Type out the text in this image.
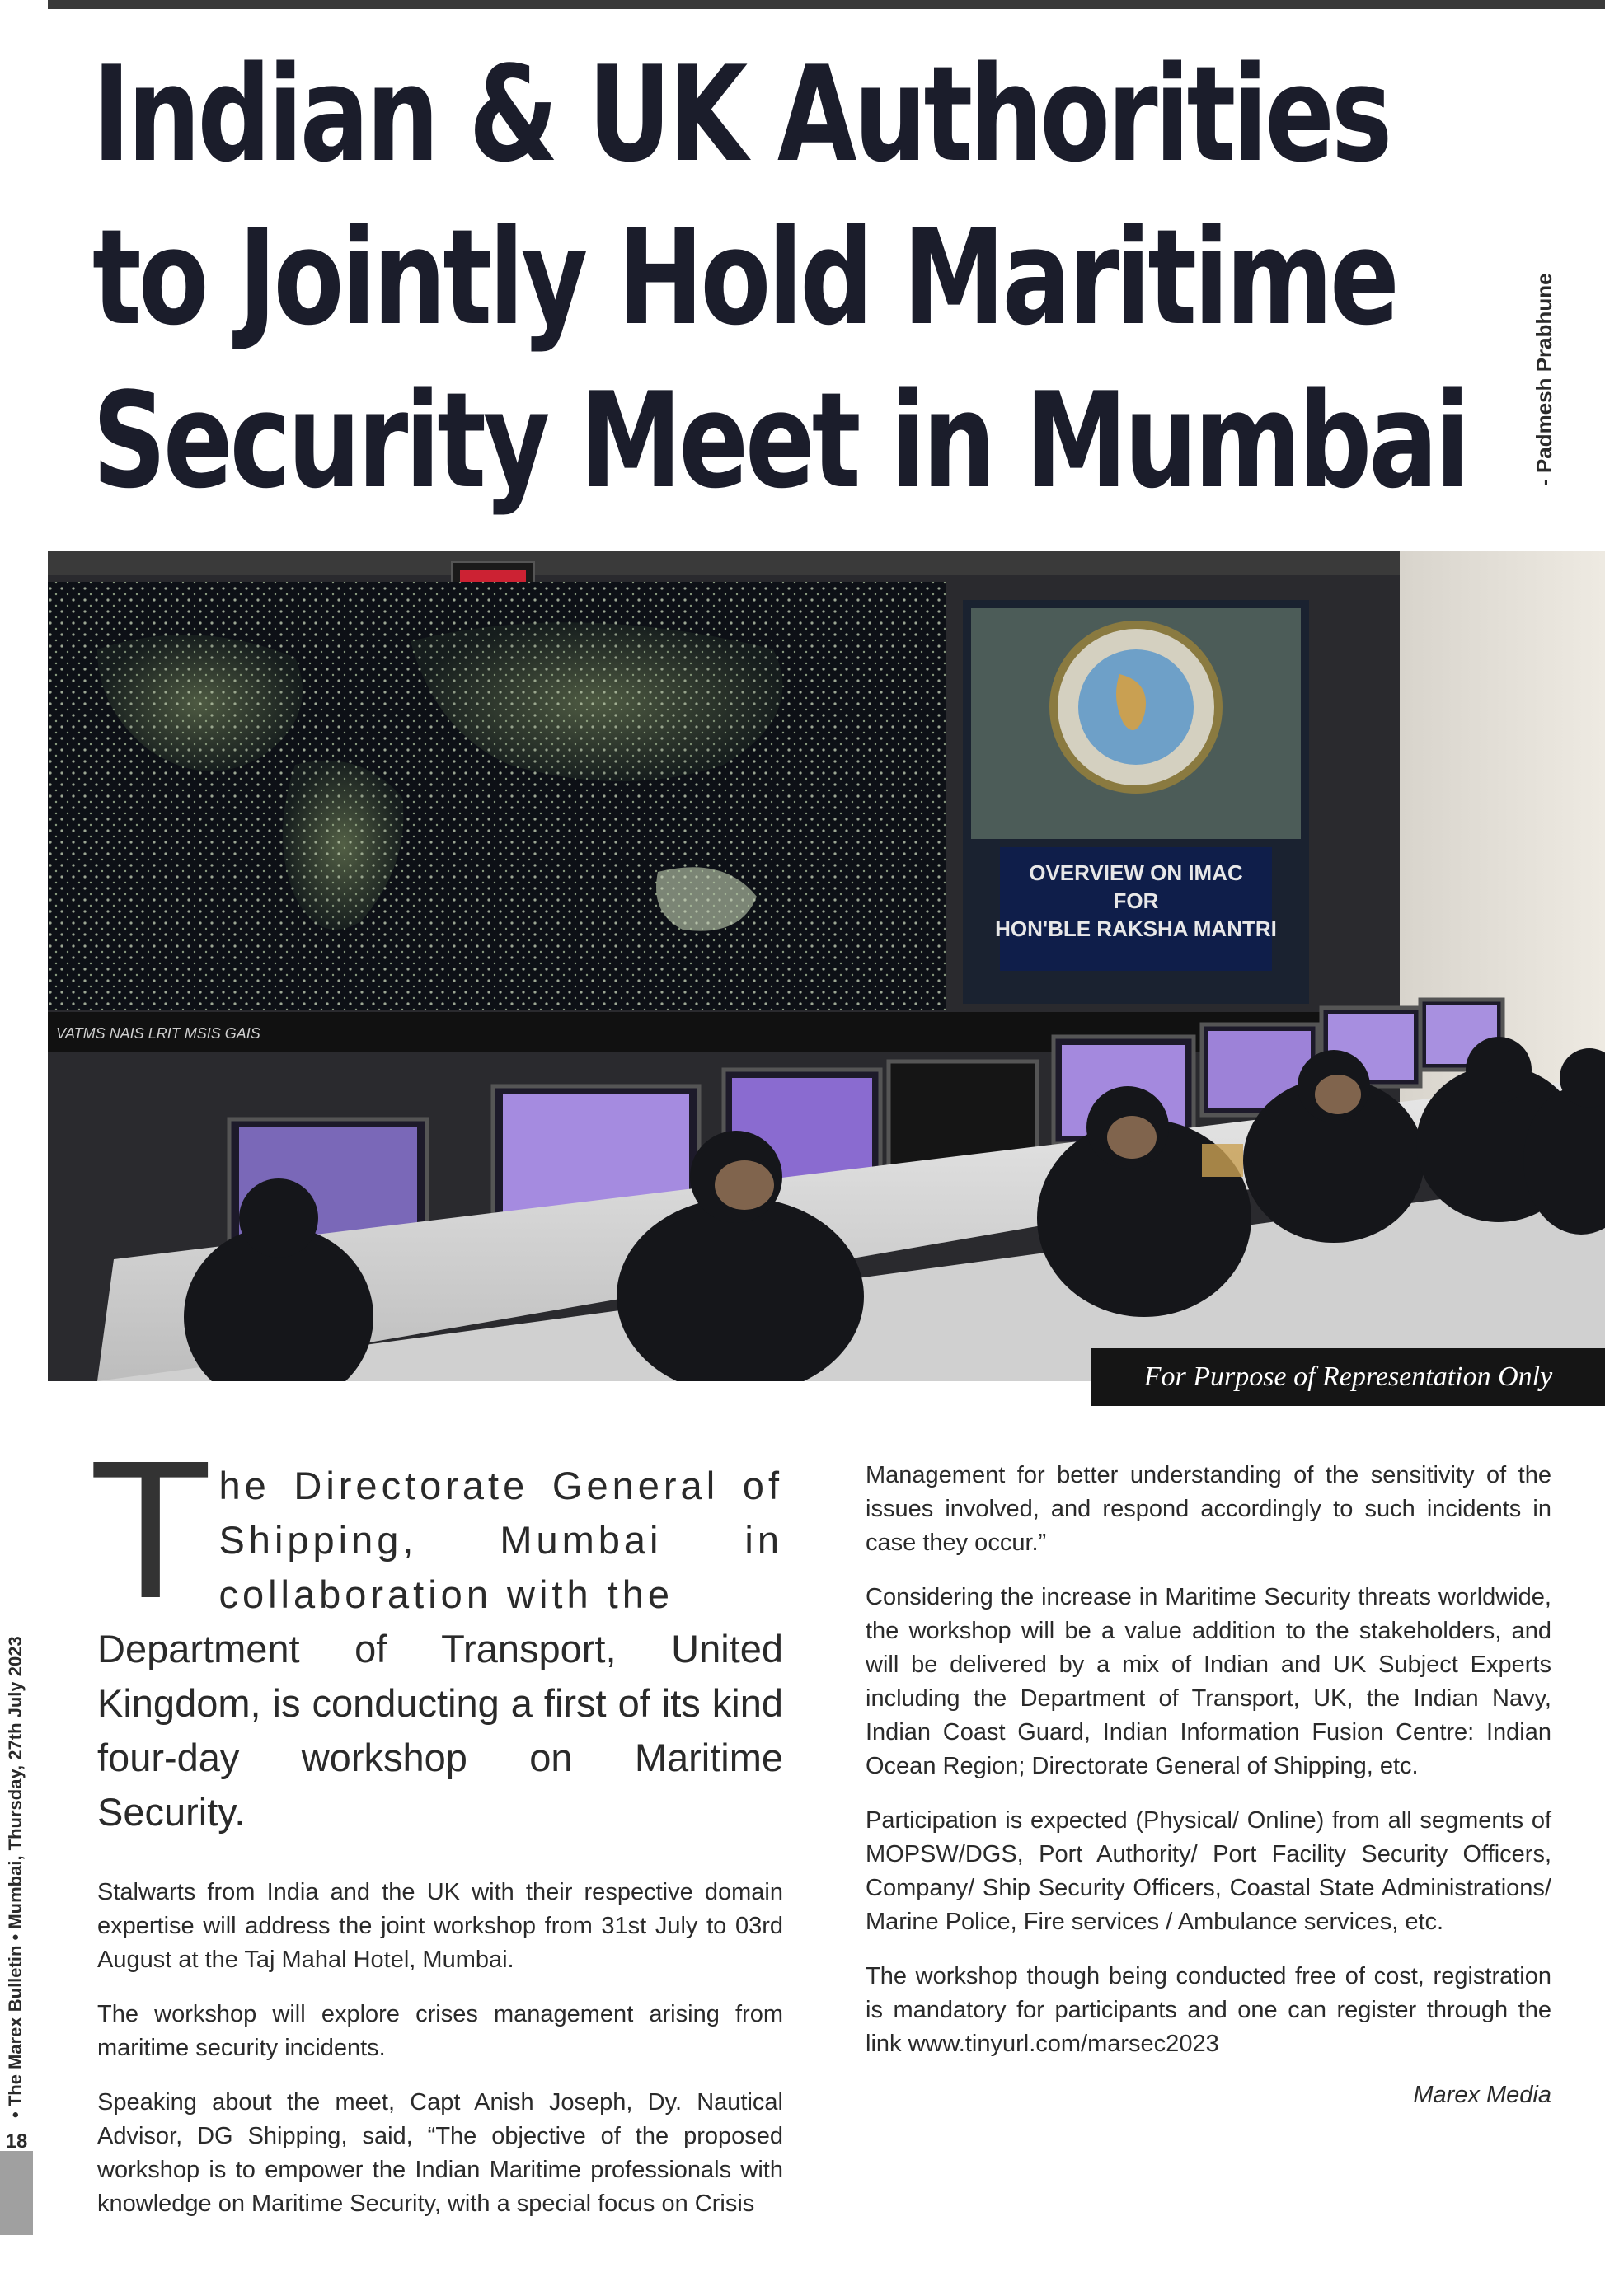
Indian & UK Authorities
to Jointly Hold Maritime
Security Meet in Mumbai	- Padmesh Prabhune
OVERVIEW ON IMAC
FOR
HON'BLE RAKSHA MANTRI
VATMS NAIS LRIT MSIS GAIS
For Purpose of Representation Only
• The Marex Bulletin • Mumbai, Thursday, 27th July 2023
18
T he Directorate General of Shipping, Mumbai in collaboration with the

Department of Transport, United Kingdom, is conducting a first of its kind four-day workshop on Maritime Security.

Stalwarts from India and the UK with their respective domain expertise will address the joint workshop from 31st July to 03rd August at the Taj Mahal Hotel, Mumbai.

The workshop will explore crises management arising from maritime security incidents.

Speaking about the meet, Capt Anish Joseph, Dy. Nautical Advisor, DG Shipping, said, “The objective of the proposed workshop is to empower the Indian Maritime professionals with knowledge on Maritime Security, with a special focus on Crisis

Management for better understanding of the sensitivity of the issues involved, and respond accordingly to such incidents in case they occur.”

Considering the increase in Maritime Security threats worldwide, the workshop will be a value addition to the stakeholders, and will be delivered by a mix of Indian and UK Subject Experts including the Department of Transport, UK, the Indian Navy, Indian Coast Guard, Indian Information Fusion Centre: Indian Ocean Region; Directorate General of Shipping, etc.

Participation is expected (Physical/ Online) from all segments of MOPSW/DGS, Port Authority/ Port Facility Security Officers, Company/ Ship Security Officers, Coastal State Administrations/ Marine Police, Fire services / Ambulance services, etc.

The workshop though being conducted free of cost, registration is mandatory for participants and one can register through the link www.tinyurl.com/marsec2023

Marex Media
